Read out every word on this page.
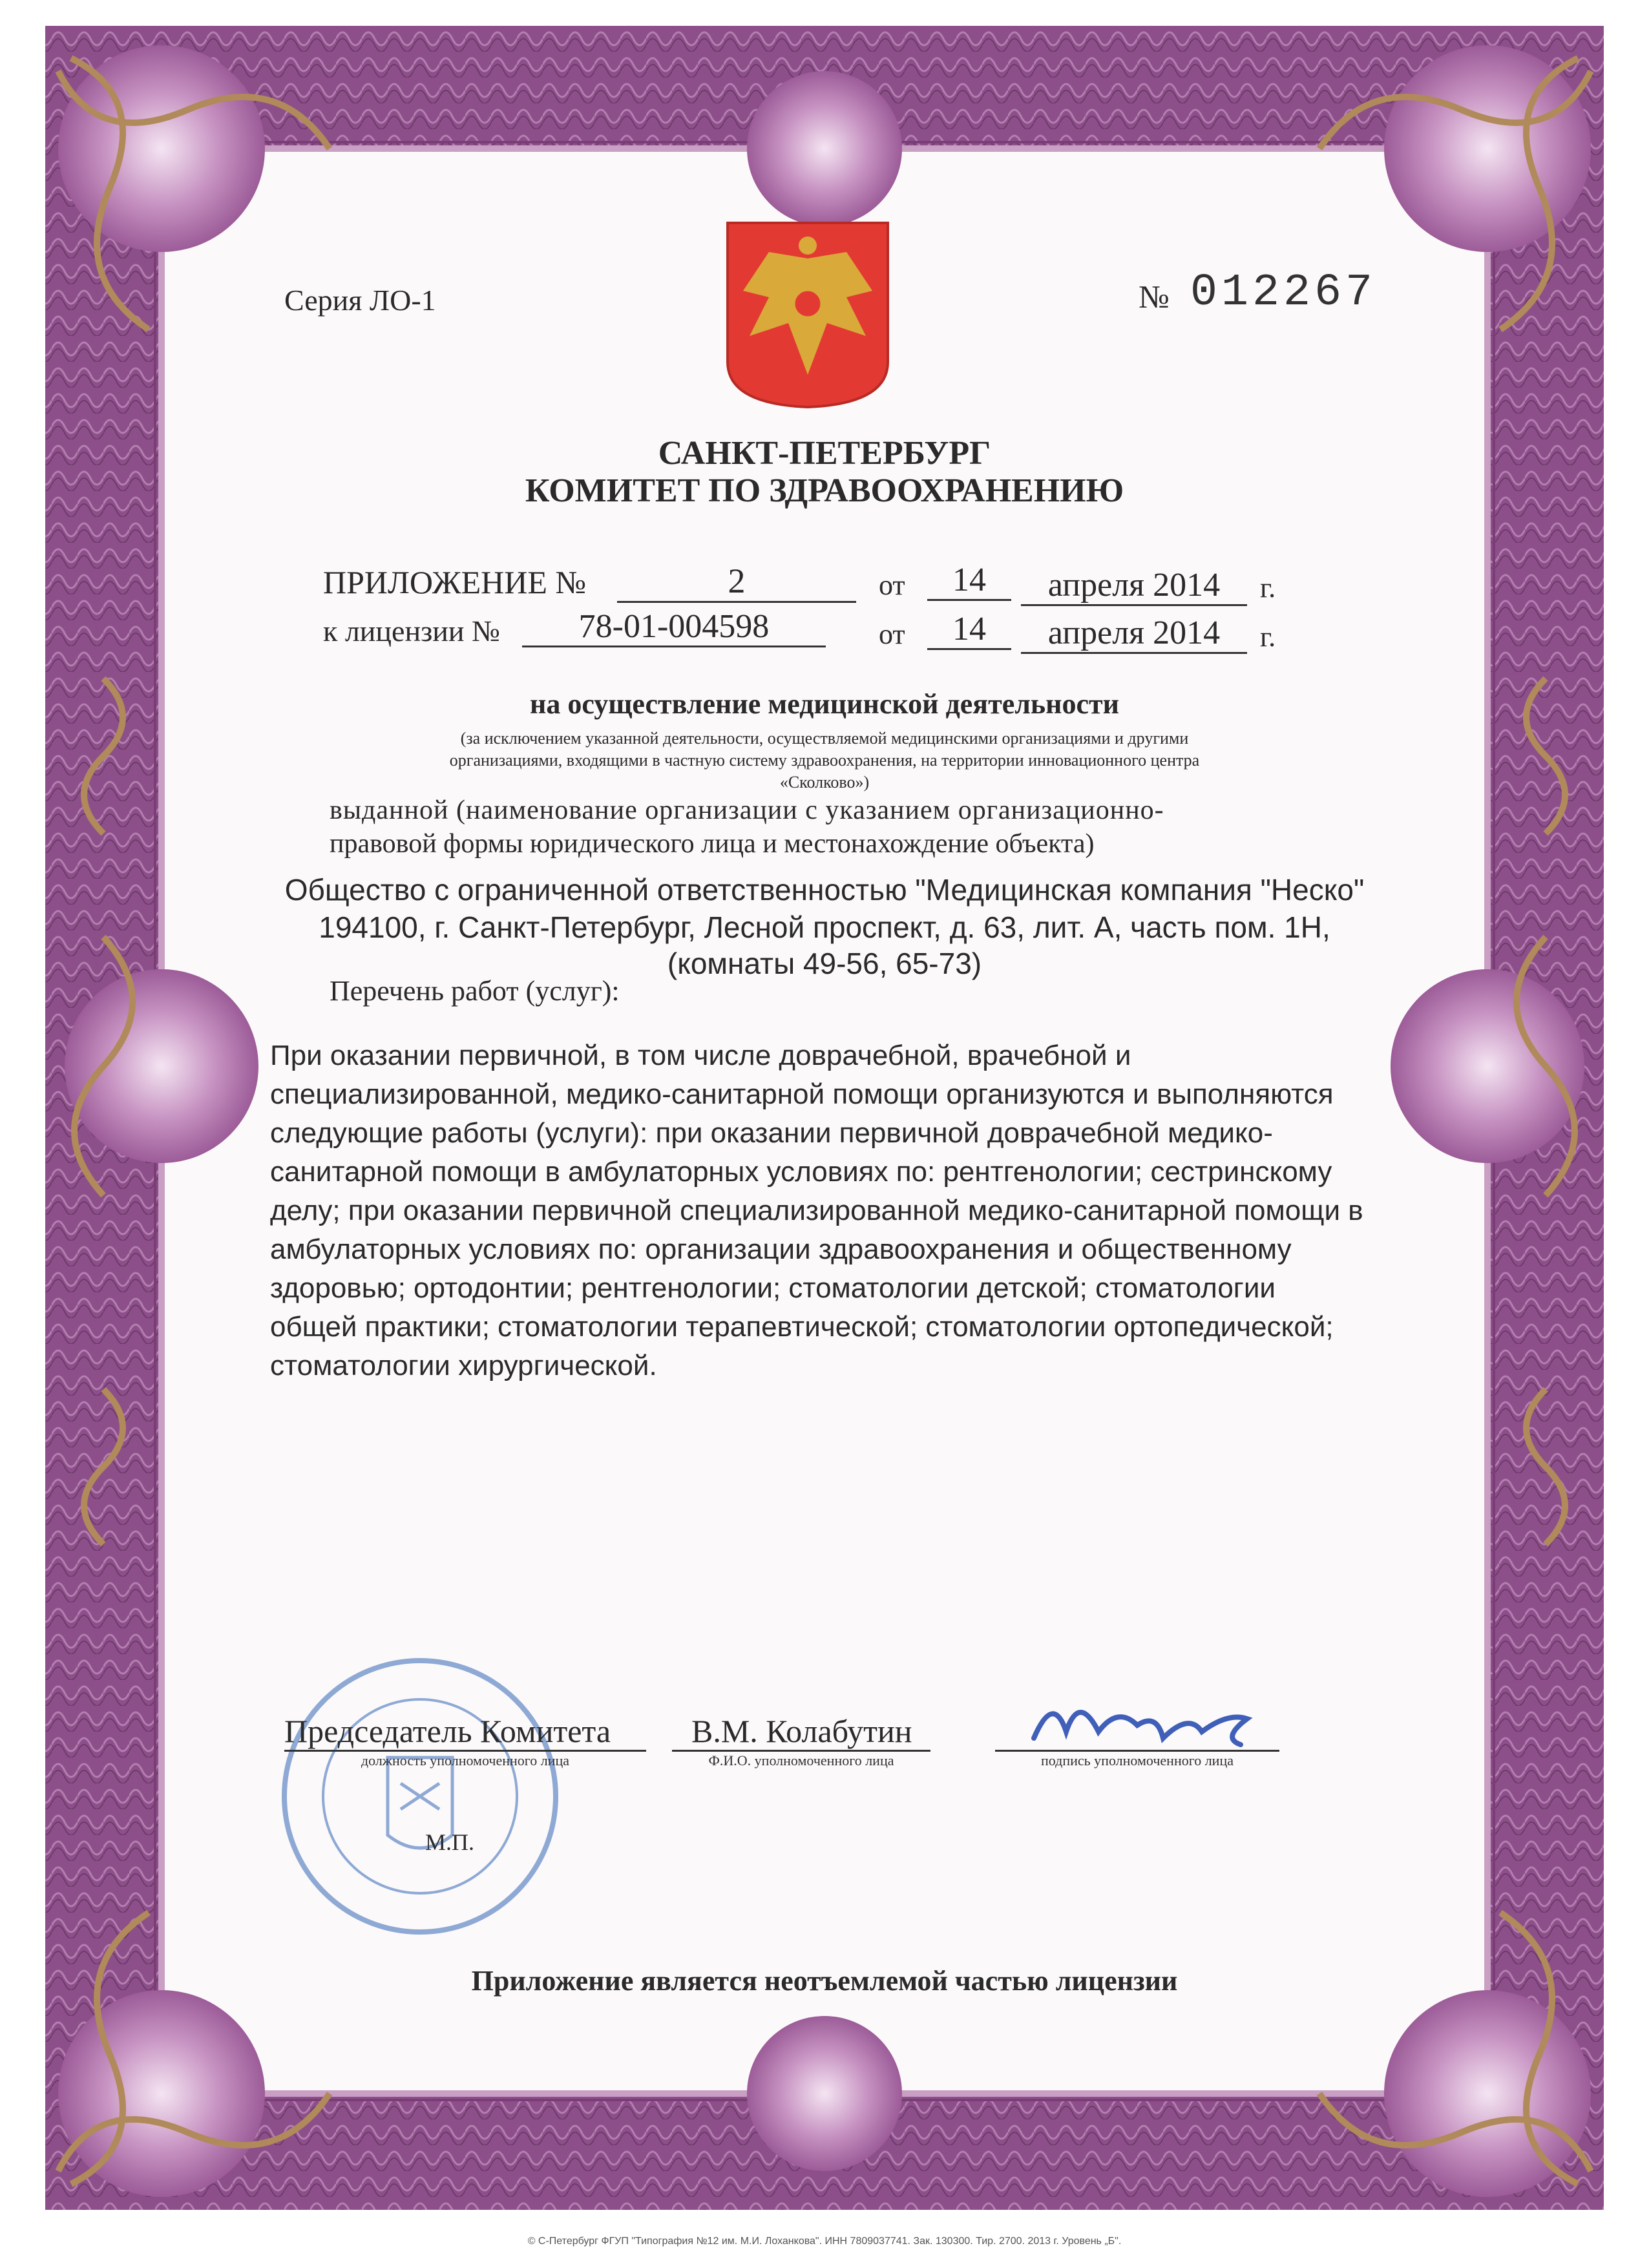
Серия ЛО-1	№ 012267
САНКТ-ПЕТЕРБУРГ
КОМИТЕТ ПО ЗДРАВООХРАНЕНИЮ
ПРИЛОЖЕНИЕ №	2	от	14	апреля 2014	г.
к лицензии №	78-01-004598	от	14	апреля 2014	г.
на осуществление медицинской деятельности
(за исключением указанной деятельности, осуществляемой медицинскими организациями и другими
организациями, входящими в частную систему здравоохранения, на территории инновационного центра
«Сколково»)
выданной (наименование организации с указанием организационно-
правовой формы юридического лица и местонахождение объекта)
Общество с ограниченной ответственностью "Медицинская компания "Неско"
194100, г. Санкт-Петербург, Лесной проспект, д. 63, лит. А, часть пом. 1Н,
(комнаты 49-56, 65-73)
Перечень работ (услуг):
При оказании первичной, в том числе доврачебной, врачебной и
специализированной, медико-санитарной помощи организуются и выполняются
следующие работы (услуги): при оказании первичной доврачебной медико-
санитарной помощи в амбулаторных условиях по: рентгенологии; сестринскому
делу; при оказании первичной специализированной медико-санитарной помощи в
амбулаторных условиях по: организации здравоохранения и общественному
здоровью; ортодонтии; рентгенологии; стоматологии детской; стоматологии
общей практики; стоматологии терапевтической; стоматологии ортопедической;
стоматологии хирургической.
Председатель Комитета
должность уполномоченного лица
В.М. Колабутин
Ф.И.О. уполномоченного лица	подпись уполномоченного лица
М.П.
Приложение является неотъемлемой частью лицензии
© С-Петербург ФГУП "Типография №12 им. М.И. Лоханкова". ИНН 7809037741. Зак. 130300. Тир. 2700. 2013 г. Уровень „Б".
